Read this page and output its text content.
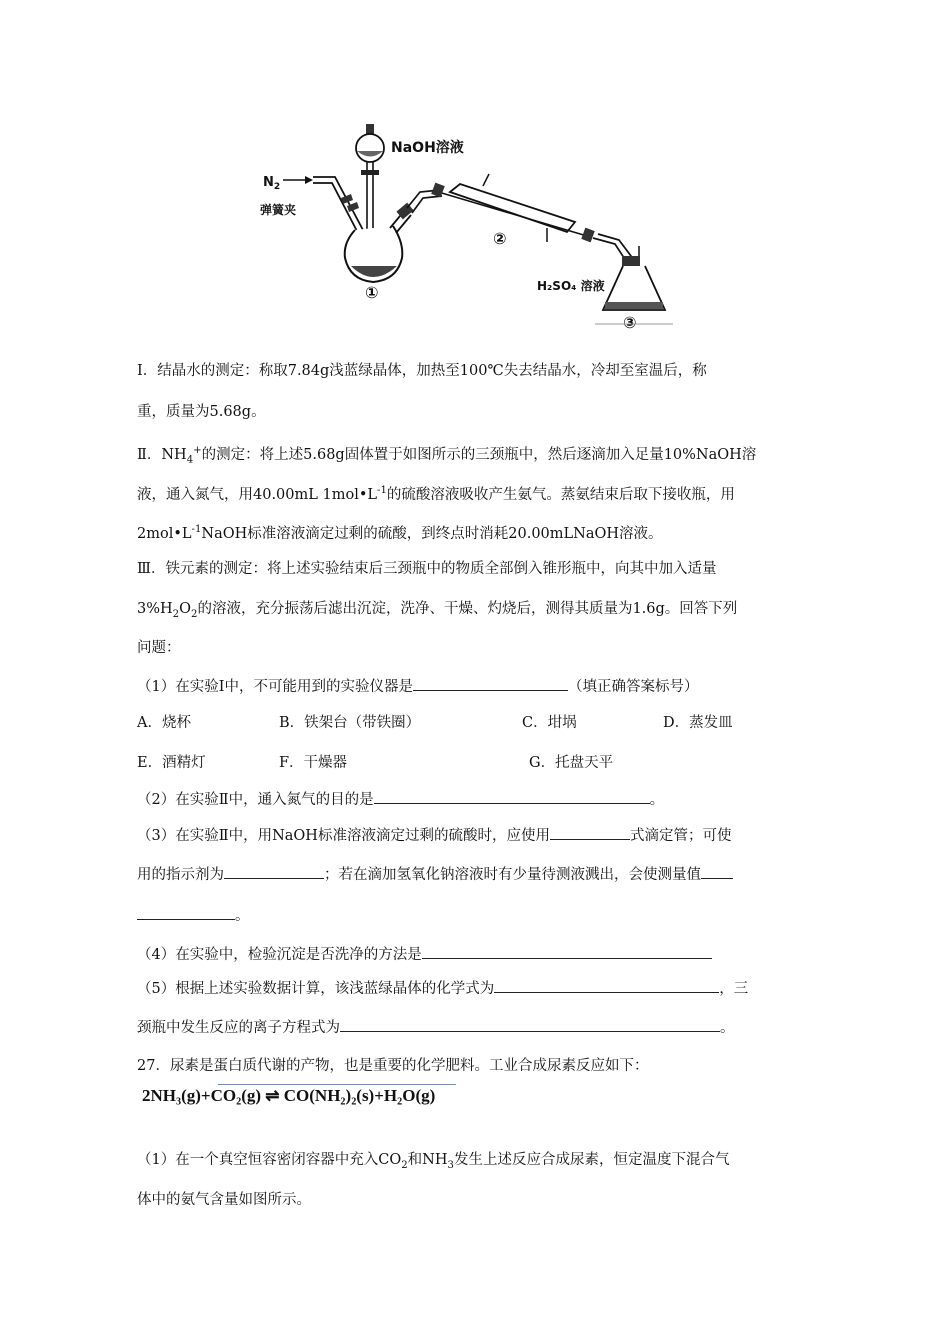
$N_2$
弹簧夹
NaOH溶液
①
②
H₂SO₄ 溶液
③
Ⅰ．结晶水的测定：称取7.84g浅蓝绿晶体，加热至100℃失去结晶水，冷却至室温后，称
重，质量为5.68g。
Ⅱ．$NH_4^+$的测定：将上述5.68g固体置于如图所示的三颈瓶中，然后逐滴加入足量10%NaOH溶
液，通入氮气，用40.00mL $1mol•L^{-1}$的硫酸溶液吸收产生氨气。蒸氨结束后取下接收瓶，用
$2mol•L^{-1}NaOH$标准溶液滴定过剩的硫酸，到终点时消耗20.00mLNaOH溶液。
Ⅲ．铁元素的测定：将上述实验结束后三颈瓶中的物质全部倒入锥形瓶中，向其中加入适量
$3\%H_2O_2$的溶液，充分振荡后滤出沉淀，洗净、干燥、灼烧后，测得其质量为1.6g。回答下列
问题：
（1）在实验Ⅰ中，不可能用到的实验仪器是	（填正确答案标号）
A．烧杯	B．铁架台（带铁圈）	C．坩埚	D．蒸发皿
E．酒精灯	F．干燥器	G．托盘天平
（2）在实验Ⅱ中，通入氮气的目的是	。
（3）在实验Ⅱ中，用NaOH标准溶液滴定过剩的硫酸时，应使用	式滴定管；可使
用的指示剂为	；若在滴加氢氧化钠溶液时有少量待测液溅出，会使测量值
。
（4）在实验中，检验沉淀是否洗净的方法是
（5）根据上述实验数据计算，该浅蓝绿晶体的化学式为	，三
颈瓶中发生反应的离子方程式为	。
27．尿素是蛋白质代谢的产物，也是重要的化学肥料。工业合成尿素反应如下：
2NH₃(g)+CO₂(g) ⇌ CO(NH₂)₂(s)+H₂O(g)
（1）在一个真空恒容密闭容器中充入$CO_2$和$NH_3$发生上述反应合成尿素，恒定温度下混合气
体中的氨气含量如图所示。
